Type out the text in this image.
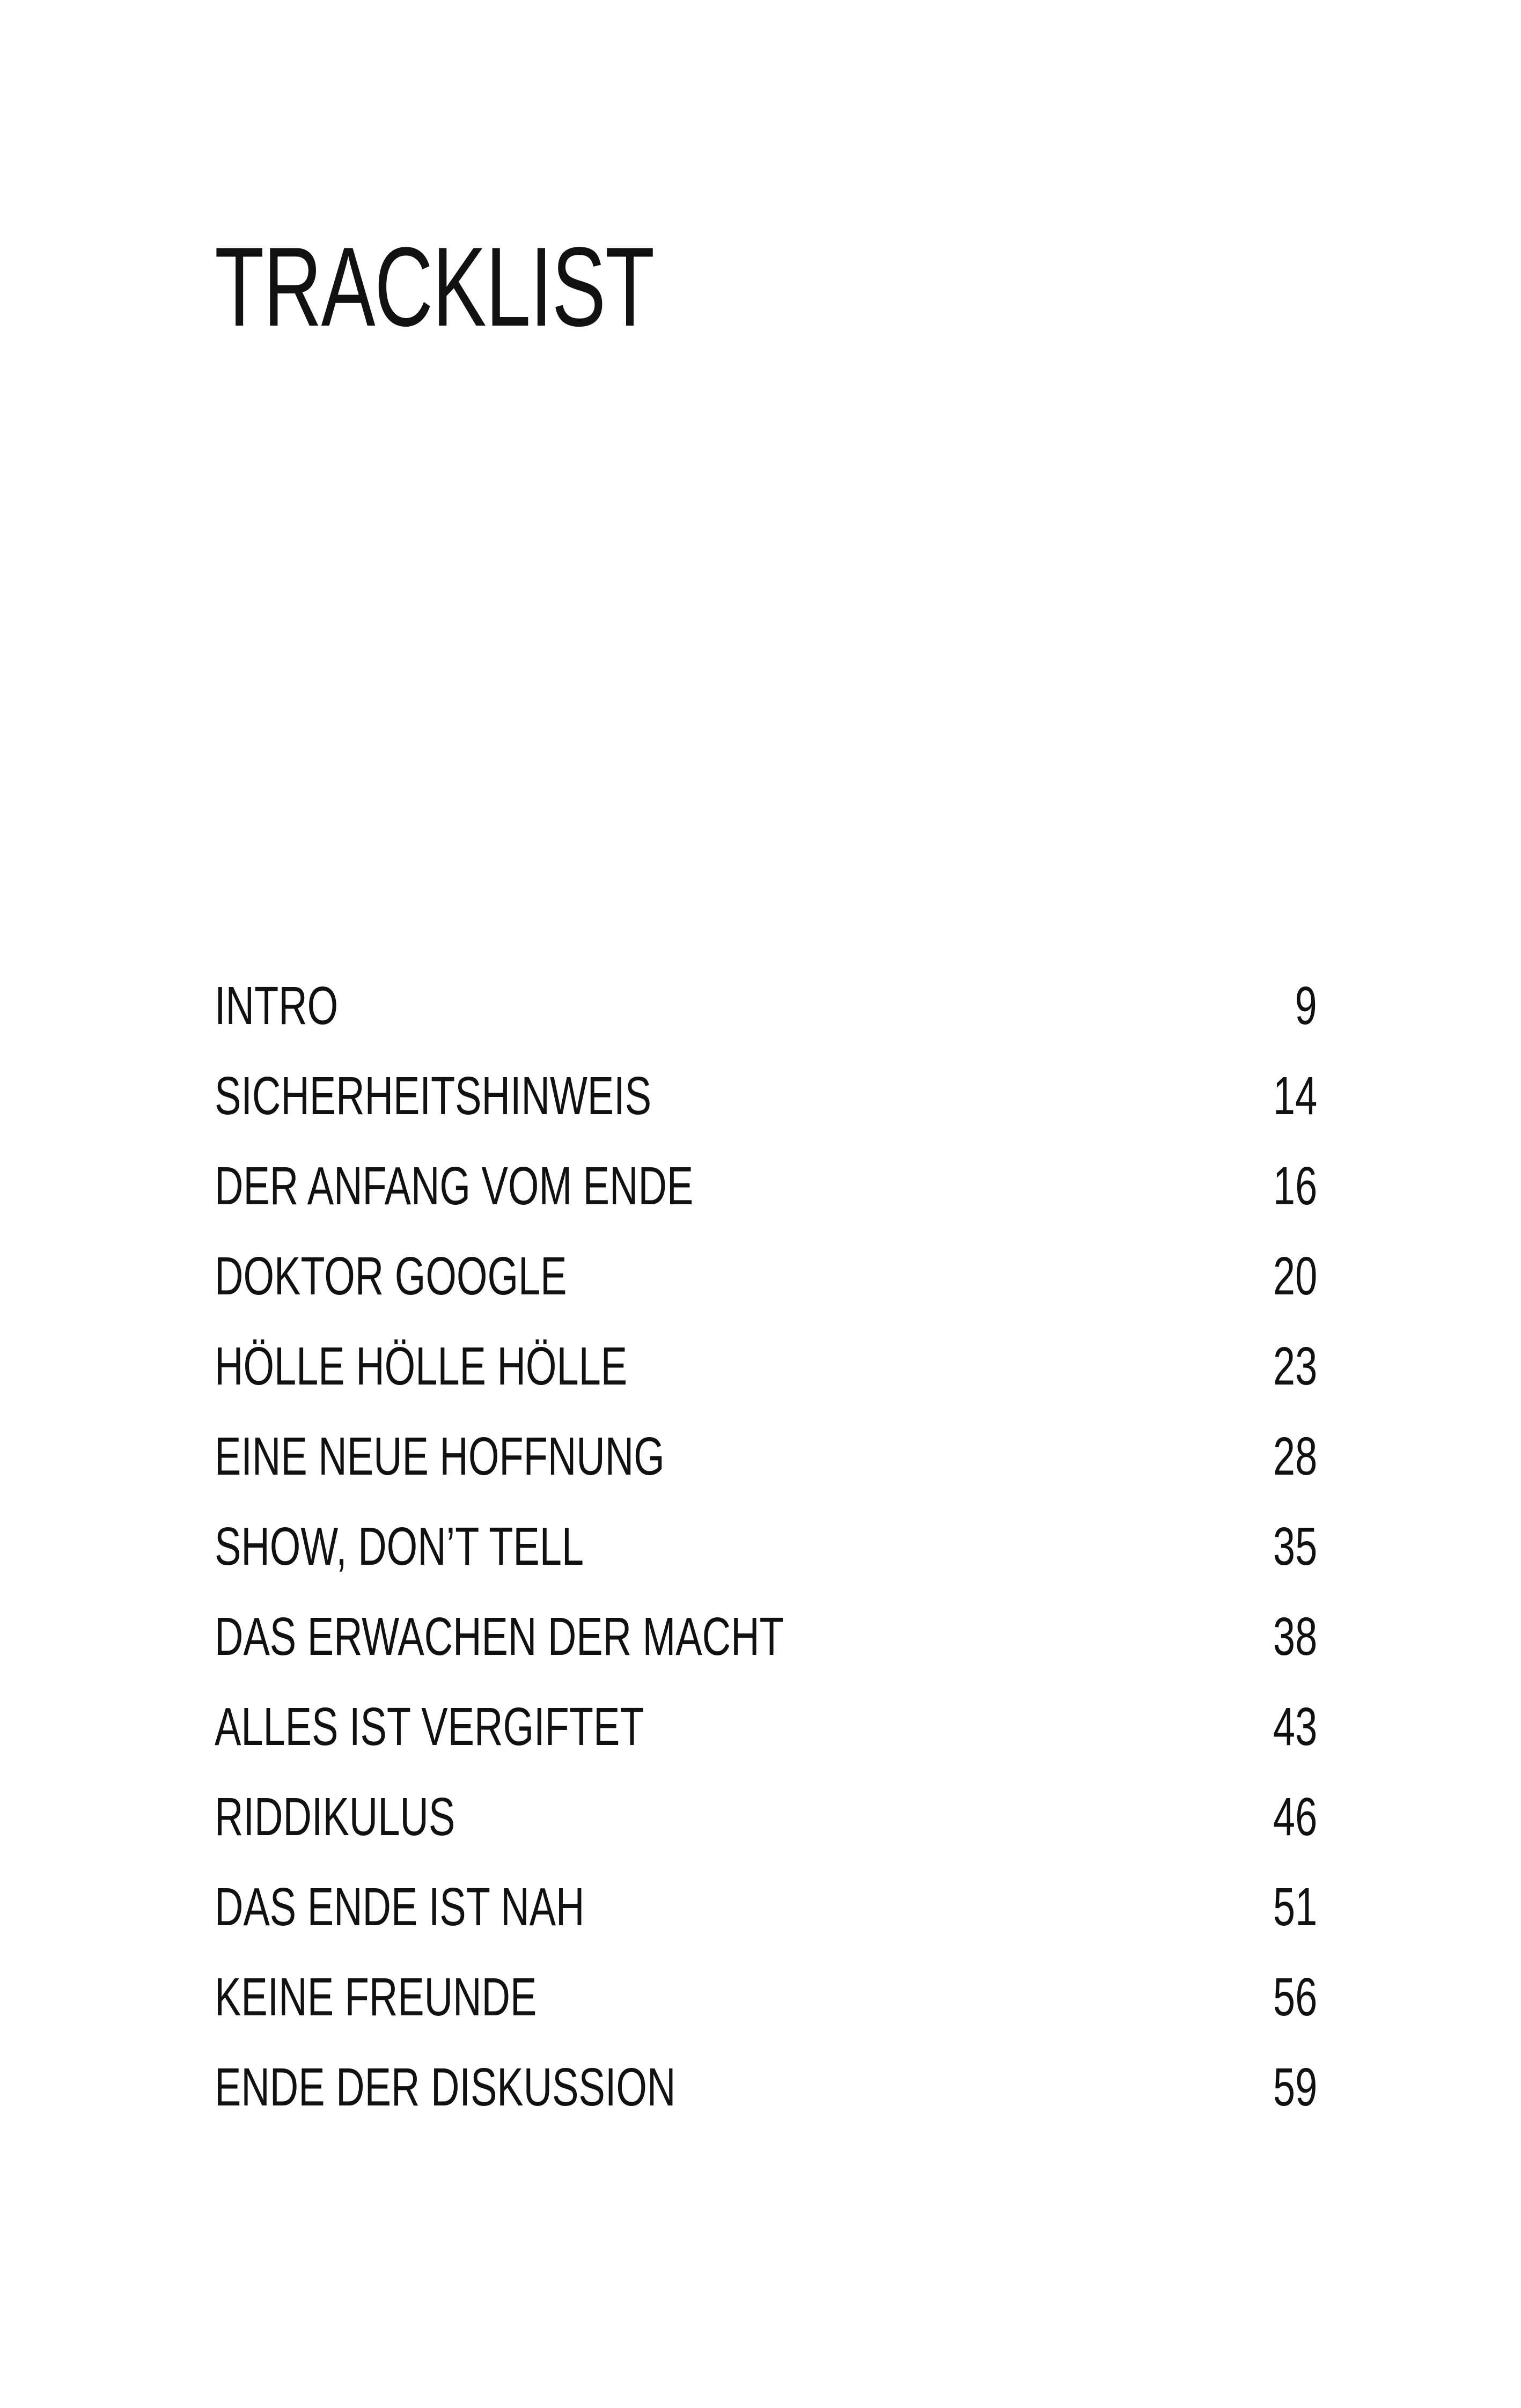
TRACKLIST
INTRO	9
SICHERHEITSHINWEIS	14
DER ANFANG VOM ENDE	16
DOKTOR GOOGLE	20
HÖLLE HÖLLE HÖLLE	23
EINE NEUE HOFFNUNG	28
SHOW, DON’T TELL	35
DAS ERWACHEN DER MACHT	38
ALLES IST VERGIFTET	43
RIDDIKULUS	46
DAS ENDE IST NAH	51
KEINE FREUNDE	56
ENDE DER DISKUSSION	59
